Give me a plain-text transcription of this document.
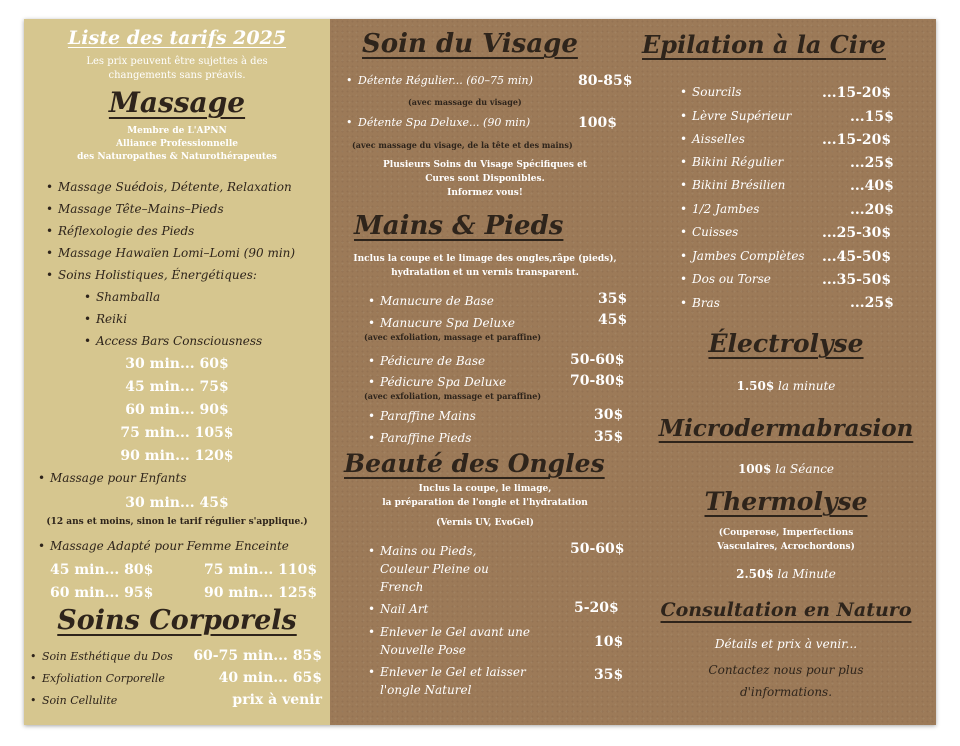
Liste des tarifs 2025
Les prix peuvent être sujettes à des
changements sans préavis.
Massage
Membre de L'APNN
Alliance Professionnelle
des Naturopathes & Naturothérapeutes
• Massage Suédois, Détente, Relaxation
• Massage Tête–Mains–Pieds
• Réflexologie des Pieds
• Massage Hawaïen Lomi–Lomi (90 min)
• Soins Holistiques, Énergétiques:
• Shamballa
• Reiki
• Access Bars Consciousness
30 min... 60$
45 min... 75$
60 min... 90$
75 min... 105$
90 min... 120$
• Massage pour Enfants
30 min... 45$
(12 ans et moins, sinon le tarif régulier s'applique.)
• Massage Adapté pour Femme Enceinte
45 min... 80$	75 min... 110$
60 min... 95$	90 min... 125$
Soins Corporels
• Soin Esthétique du Dos 60-75 min... 85$
• Exfoliation Corporelle	40 min... 65$
• Soin Cellulite	prix à venir
Soin du Visage
• Détente Régulier... (60–75 min)	80-85$
(avec massage du visage)
• Détente Spa Deluxe... (90 min)	100$
(avec massage du visage, de la tête et des mains)
Plusieurs Soins du Visage Spécifiques et
Cures sont Disponibles.
Informez vous!
Mains & Pieds
Inclus la coupe et le limage des ongles,râpe (pieds),
hydratation et un vernis transparent.
• Manucure de Base	35$
• Manucure Spa Deluxe	45$
(avec exfoliation, massage et paraffine)
• Pédicure de Base	50-60$
• Pédicure Spa Deluxe	70-80$
(avec exfoliation, massage et paraffine)
• Paraffine Mains	30$
• Paraffine Pieds	35$
Beauté des Ongles
Inclus la coupe, le limage,
la préparation de l'ongle et l'hydratation
(Vernis UV, EvoGel)
• Mains ou Pieds,
Couleur Pleine ou
French
50-60$
• Nail Art	5-20$
• Enlever le Gel avant une
Nouvelle Pose	10$
• Enlever le Gel et laisser
l'ongle Naturel
35$
Epilation à la Cire
• Sourcils	...15-20$
• Lèvre Supérieur	...15$
• Aisselles	...15-20$
• Bikini Régulier	...25$
• Bikini Brésilien	...40$
• 1/2 Jambes	...20$
• Cuisses	...25-30$
• Jambes Complètes ...45-50$
• Dos ou Torse	...35-50$
• Bras	...25$
Électrolyse
1.50$ la minute
Microdermabrasion
100$ la Séance
Thermolyse
(Couperose, Imperfections
Vasculaires, Acrochordons)
2.50$ la Minute
Consultation en Naturo
Détails et prix à venir...
Contactez nous pour plus
d'informations.
